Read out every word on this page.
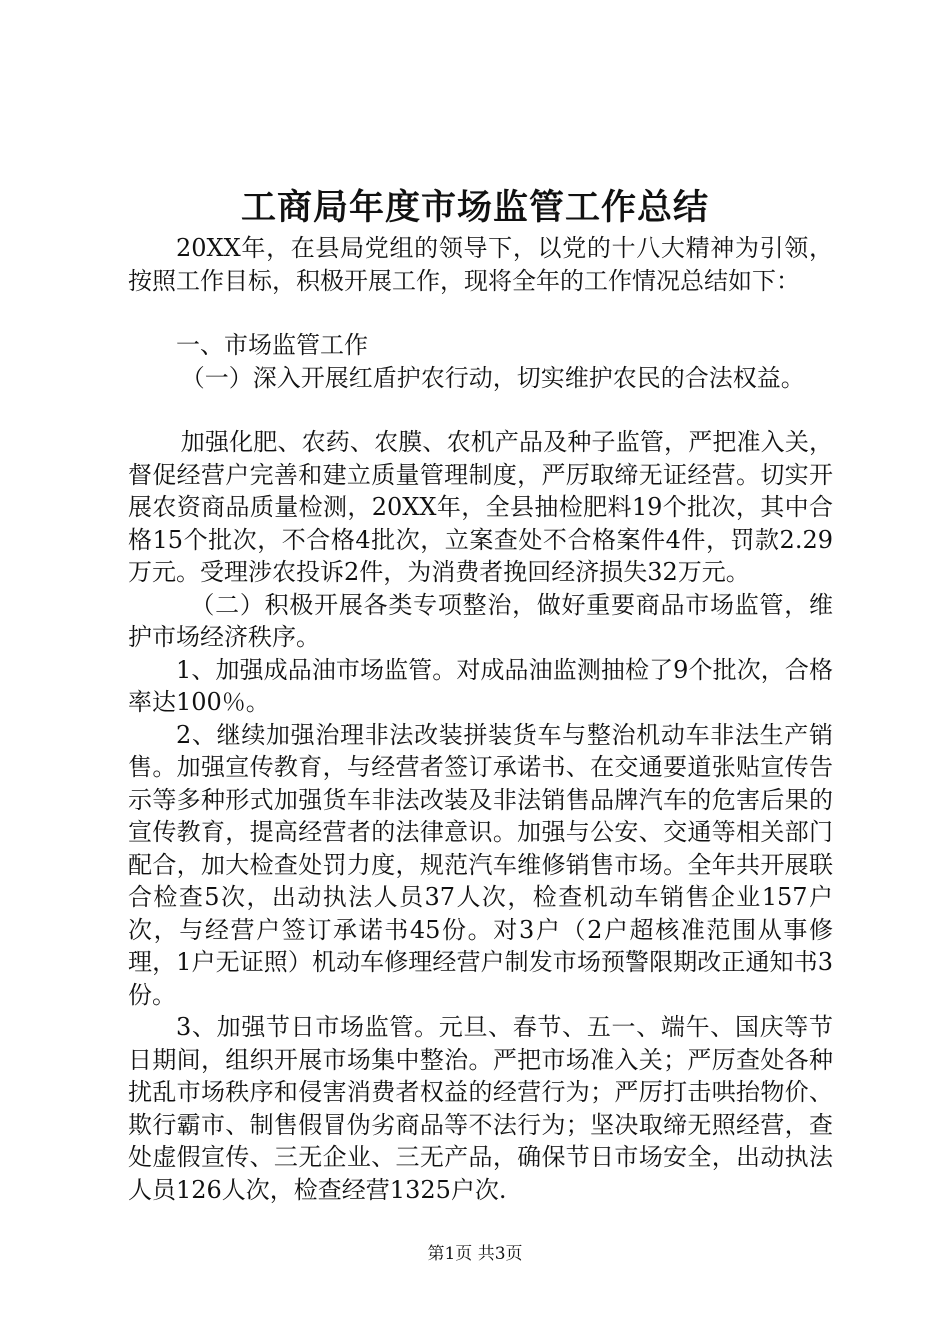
工商局年度市场监管工作总结

20XX年，在县局党组的领导下，以党的十八大精神为引领，按照工作目标，积极开展工作，现将全年的工作情况总结如下：

一、市场监管工作

（一）深入开展红盾护农行动，切实维护农民的合法权益。

加强化肥、农药、农膜、农机产品及种子监管，严把准入关，督促经营户完善和建立质量管理制度，严厉取缔无证经营。切实开展农资商品质量检测，20XX年，全县抽检肥料19个批次，其中合格15个批次，不合格4批次，立案查处不合格案件4件，罚款2.29万元。受理涉农投诉2件，为消费者挽回经济损失32万元。

（二）积极开展各类专项整治，做好重要商品市场监管，维护市场经济秩序。

1、加强成品油市场监管。对成品油监测抽检了9个批次，合格率达100％。

2、继续加强治理非法改装拼装货车与整治机动车非法生产销售。加强宣传教育，与经营者签订承诺书、在交通要道张贴宣传告示等多种形式加强货车非法改装及非法销售品牌汽车的危害后果的宣传教育，提高经营者的法律意识。加强与公安、交通等相关部门配合，加大检查处罚力度，规范汽车维修销售市场。全年共开展联合检查5次，出动执法人员37人次，检查机动车销售企业157户次，与经营户签订承诺书45份。对3户（2户超核准范围从事修理，1户无证照）机动车修理经营户制发市场预警限期改正通知书3份。

3、加强节日市场监管。元旦、春节、五一、端午、国庆等节日期间，组织开展市场集中整治。严把市场准入关；严厉查处各种扰乱市场秩序和侵害消费者权益的经营行为；严厉打击哄抬物价、欺行霸市、制售假冒伪劣商品等不法行为；坚决取缔无照经营，查处虚假宣传、三无企业、三无产品，确保节日市场安全，出动执法人员126人次，检查经营1325户次.

第1页 共3页
